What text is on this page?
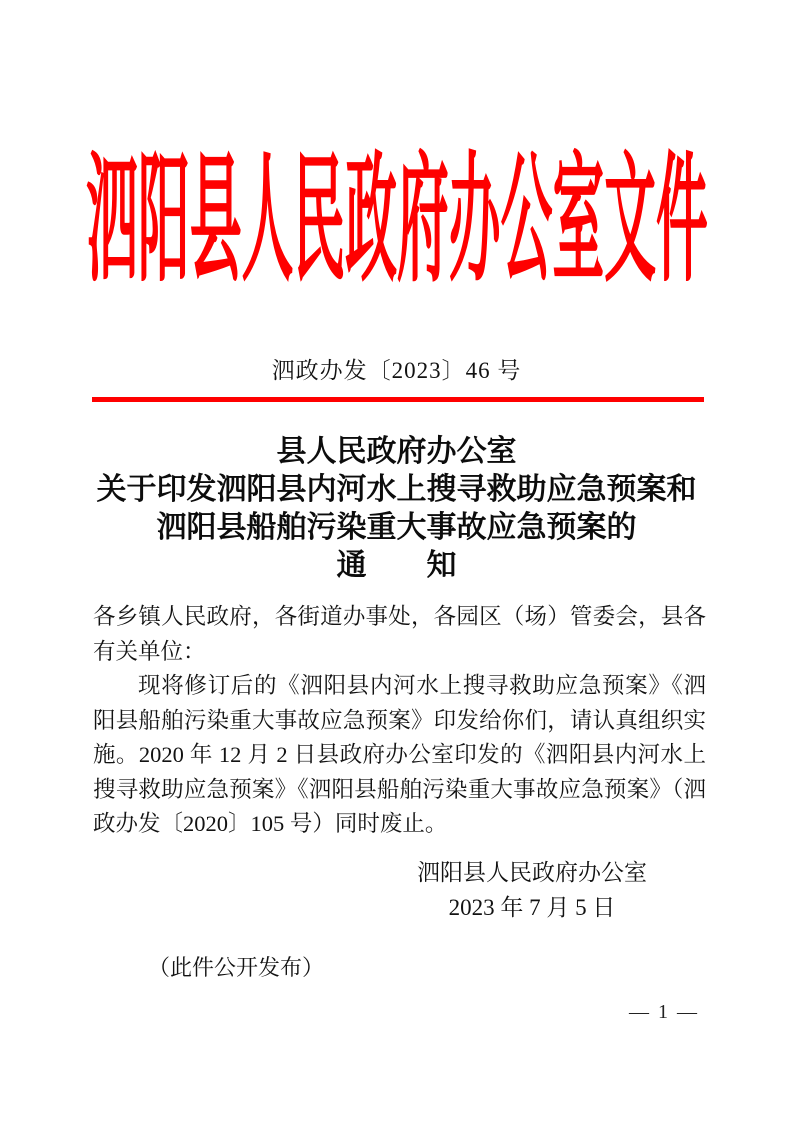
泗阳县人民政府办公室文件
泗政办发〔2023〕46 号
县人民政府办公室
关于印发泗阳县内河水上搜寻救助应急预案和
泗阳县船舶污染重大事故应急预案的
通　　知

各乡镇人民政府，各街道办事处，各园区（场）管委会，县各有关单位：

现将修订后的《泗阳县内河水上搜寻救助应急预案》《泗阳县船舶污染重大事故应急预案》印发给你们，请认真组织实施。2020 年 12 月 2 日县政府办公室印发的《泗阳县内河水上搜寻救助应急预案》《泗阳县船舶污染重大事故应急预案》（泗政办发〔2020〕105 号）同时废止。

泗阳县人民政府办公室
2023 年 7 月 5 日
（此件公开发布）
— 1 —
